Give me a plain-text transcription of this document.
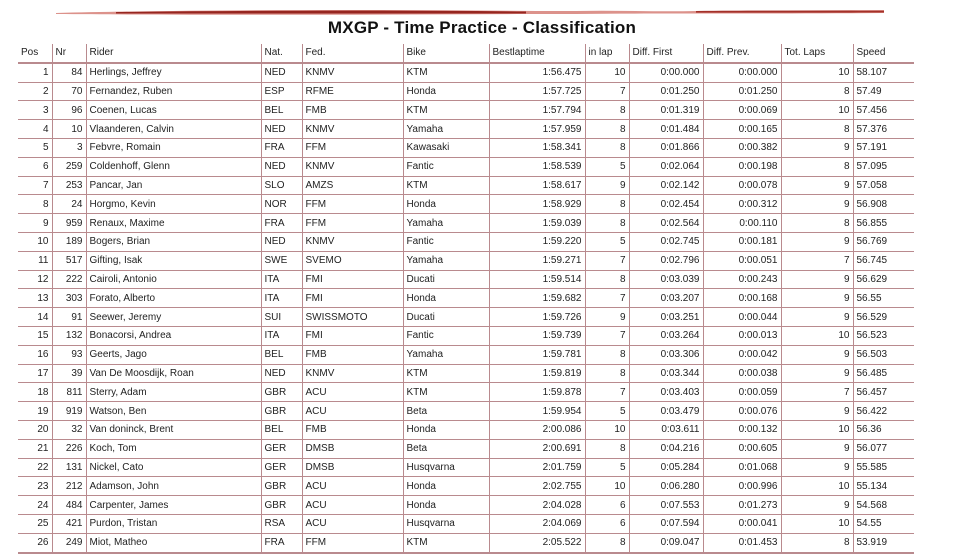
MXGP - Time Practice - Classification
Pos	Nr	Rider	Nat.	Fed.	Bike	Bestlaptime	in lap	Diff. First	Diff. Prev.	Tot. Laps	Speed
1	84	Herlings, Jeffrey	NED	KNMV	KTM	1:56.475	10	0:00.000	0:00.000	10	58.107
2	70	Fernandez, Ruben	ESP	RFME	Honda	1:57.725	7	0:01.250	0:01.250	8	57.49
3	96	Coenen, Lucas	BEL	FMB	KTM	1:57.794	8	0:01.319	0:00.069	10	57.456
4	10	Vlaanderen, Calvin	NED	KNMV	Yamaha	1:57.959	8	0:01.484	0:00.165	8	57.376
5	3	Febvre, Romain	FRA	FFM	Kawasaki	1:58.341	8	0:01.866	0:00.382	9	57.191
6	259	Coldenhoff, Glenn	NED	KNMV	Fantic	1:58.539	5	0:02.064	0:00.198	8	57.095
7	253	Pancar, Jan	SLO	AMZS	KTM	1:58.617	9	0:02.142	0:00.078	9	57.058
8	24	Horgmo, Kevin	NOR	FFM	Honda	1:58.929	8	0:02.454	0:00.312	9	56.908
9	959	Renaux, Maxime	FRA	FFM	Yamaha	1:59.039	8	0:02.564	0:00.110	8	56.855
10	189	Bogers, Brian	NED	KNMV	Fantic	1:59.220	5	0:02.745	0:00.181	9	56.769
11	517	Gifting, Isak	SWE	SVEMO	Yamaha	1:59.271	7	0:02.796	0:00.051	7	56.745
12	222	Cairoli, Antonio	ITA	FMI	Ducati	1:59.514	8	0:03.039	0:00.243	9	56.629
13	303	Forato, Alberto	ITA	FMI	Honda	1:59.682	7	0:03.207	0:00.168	9	56.55
14	91	Seewer, Jeremy	SUI	SWISSMOTO	Ducati	1:59.726	9	0:03.251	0:00.044	9	56.529
15	132	Bonacorsi, Andrea	ITA	FMI	Fantic	1:59.739	7	0:03.264	0:00.013	10	56.523
16	93	Geerts, Jago	BEL	FMB	Yamaha	1:59.781	8	0:03.306	0:00.042	9	56.503
17	39	Van De Moosdijk, Roan	NED	KNMV	KTM	1:59.819	8	0:03.344	0:00.038	9	56.485
18	811	Sterry, Adam	GBR	ACU	KTM	1:59.878	7	0:03.403	0:00.059	7	56.457
19	919	Watson, Ben	GBR	ACU	Beta	1:59.954	5	0:03.479	0:00.076	9	56.422
20	32	Van doninck, Brent	BEL	FMB	Honda	2:00.086	10	0:03.611	0:00.132	10	56.36
21	226	Koch, Tom	GER	DMSB	Beta	2:00.691	8	0:04.216	0:00.605	9	56.077
22	131	Nickel, Cato	GER	DMSB	Husqvarna	2:01.759	5	0:05.284	0:01.068	9	55.585
23	212	Adamson, John	GBR	ACU	Honda	2:02.755	10	0:06.280	0:00.996	10	55.134
24	484	Carpenter, James	GBR	ACU	Honda	2:04.028	6	0:07.553	0:01.273	9	54.568
25	421	Purdon, Tristan	RSA	ACU	Husqvarna	2:04.069	6	0:07.594	0:00.041	10	54.55
26	249	Miot, Matheo	FRA	FFM	KTM	2:05.522	8	0:09.047	0:01.453	8	53.919
